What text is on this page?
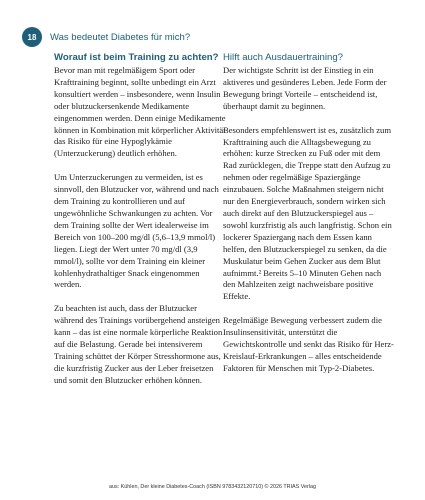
18	Was bedeutet Diabetes für mich?
Worauf ist beim Training zu achten?

Bevor man mit regelmäßigem Sport oder Krafttraining beginnt, sollte unbedingt ein Arzt konsultiert werden – insbesondere, wenn Insulin oder blutzuckersenkende Medikamente eingenommen werden. Denn einige Medikamente können in Kombination mit körperlicher Aktivität das Risiko für eine Hypoglykämie (Unterzuckerung) deutlich erhöhen.

Um Unterzuckerungen zu vermeiden, ist es sinnvoll, den Blutzucker vor, während und nach dem Training zu kontrollieren und auf ungewöhnliche Schwankungen zu achten. Vor dem Training sollte der Wert idealerweise im Bereich von 100–200 mg/dl (5,6–13,9 mmol/l) liegen. Liegt der Wert unter 70 mg/dl (3,9 mmol/l), sollte vor dem Training ein kleiner kohlenhydrathaltiger Snack eingenommen werden.

Zu beachten ist auch, dass der Blutzucker während des Trainings vorübergehend ansteigen kann – das ist eine normale körperliche Reaktion auf die Belastung. Gerade bei intensiverem Training schüttet der Körper Stresshormone aus, die kurzfristig Zucker aus der Leber freisetzen und somit den Blutzucker erhöhen können.

Hilft auch Ausdauertraining?

Der wichtigste Schritt ist der Einstieg in ein aktiveres und gesünderes Leben. Jede Form der Bewegung bringt Vorteile – entscheidend ist, überhaupt damit zu beginnen.

Besonders empfehlenswert ist es, zusätzlich zum Krafttraining auch die Alltagsbewegung zu erhöhen: kurze Strecken zu Fuß oder mit dem Rad zurücklegen, die Treppe statt den Aufzug zu nehmen oder regelmäßige Spaziergänge einzubauen. Solche Maßnahmen steigern nicht nur den Energieverbrauch, sondern wirken sich auch direkt auf den Blutzuckerspiegel aus – sowohl kurzfristig als auch langfristig. Schon ein lockerer Spaziergang nach dem Essen kann helfen, den Blutzuckerspiegel zu senken, da die Muskulatur beim Gehen Zucker aus dem Blut aufnimmt.² Bereits 5–10 Minuten Gehen nach den Mahlzeiten zeigt nachweisbare positive Effekte.

Regelmäßige Bewegung verbessert zudem die Insulinsensitivität, unterstützt die Gewichtskontrolle und senkt das Risiko für Herz-Kreislauf-Erkrankungen – alles entscheidende Faktoren für Menschen mit Typ-2-Diabetes.

aus: Kühlen, Der kleine Diabetes-Coach (ISBN 9783432120710) © 2026 TRIAS Verlag
